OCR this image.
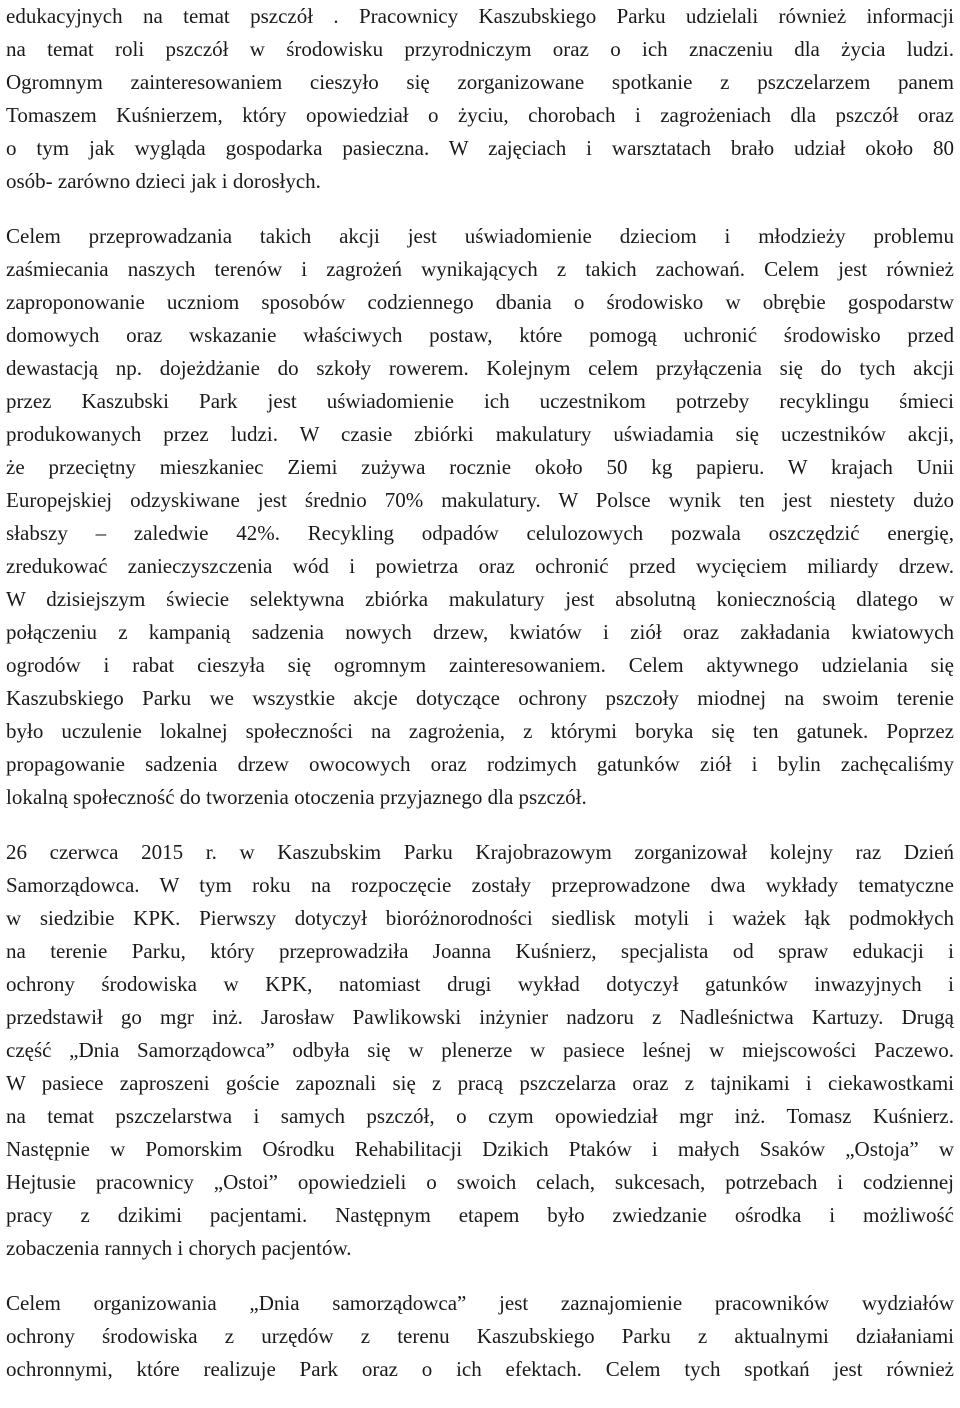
edukacyjnych na temat pszczół . Pracownicy Kaszubskiego Parku udzielali również informacji
na temat roli pszczół w środowisku przyrodniczym oraz o ich znaczeniu dla życia ludzi.
Ogromnym zainteresowaniem cieszyło się zorganizowane spotkanie z pszczelarzem panem
Tomaszem Kuśnierzem, który opowiedział o życiu, chorobach i zagrożeniach dla pszczół oraz
o tym jak wygląda gospodarka pasieczna. W zajęciach i warsztatach brało udział około 80
osób- zarówno dzieci jak i dorosłych.
Celem przeprowadzania takich akcji jest uświadomienie dzieciom i młodzieży problemu
zaśmiecania naszych terenów i zagrożeń wynikających z takich zachowań. Celem jest również
zaproponowanie uczniom sposobów codziennego dbania o środowisko w obrębie gospodarstw
domowych oraz wskazanie właściwych postaw, które pomogą uchronić środowisko przed
dewastacją np. dojeżdżanie do szkoły rowerem. Kolejnym celem przyłączenia się do tych akcji
przez Kaszubski Park jest uświadomienie ich uczestnikom potrzeby recyklingu śmieci
produkowanych przez ludzi. W czasie zbiórki makulatury uświadamia się uczestników akcji,
że przeciętny mieszkaniec Ziemi zużywa rocznie około 50 kg papieru. W krajach Unii
Europejskiej odzyskiwane jest średnio 70% makulatury. W Polsce wynik ten jest niestety dużo
słabszy – zaledwie 42%. Recykling odpadów celulozowych pozwala oszczędzić energię,
zredukować zanieczyszczenia wód i powietrza oraz ochronić przed wycięciem miliardy drzew.
W dzisiejszym świecie selektywna zbiórka makulatury jest absolutną koniecznością dlatego w
połączeniu z kampanią sadzenia nowych drzew, kwiatów i ziół oraz zakładania kwiatowych
ogrodów i rabat cieszyła się ogromnym zainteresowaniem. Celem aktywnego udzielania się
Kaszubskiego Parku we wszystkie akcje dotyczące ochrony pszczoły miodnej na swoim terenie
było uczulenie lokalnej społeczności na zagrożenia, z którymi boryka się ten gatunek. Poprzez
propagowanie sadzenia drzew owocowych oraz rodzimych gatunków ziół i bylin zachęcaliśmy
lokalną społeczność do tworzenia otoczenia przyjaznego dla pszczół.
26 czerwca 2015 r. w Kaszubskim Parku Krajobrazowym zorganizował kolejny raz Dzień
Samorządowca. W tym roku na rozpoczęcie zostały przeprowadzone dwa wykłady tematyczne
w siedzibie KPK. Pierwszy dotyczył bioróżnorodności siedlisk motyli i ważek łąk podmokłych
na terenie Parku, który przeprowadziła Joanna Kuśnierz, specjalista od spraw edukacji i
ochrony środowiska w KPK, natomiast drugi wykład dotyczył gatunków inwazyjnych i
przedstawił go mgr inż. Jarosław Pawlikowski inżynier nadzoru z Nadleśnictwa Kartuzy. Drugą
część „Dnia Samorządowca” odbyła się w plenerze w pasiece leśnej w miejscowości Paczewo.
W pasiece zaproszeni goście zapoznali się z pracą pszczelarza oraz z tajnikami i ciekawostkami
na temat pszczelarstwa i samych pszczół, o czym opowiedział mgr inż. Tomasz Kuśnierz.
Następnie w Pomorskim Ośrodku Rehabilitacji Dzikich Ptaków i małych Ssaków „Ostoja” w
Hejtusie pracownicy „Ostoi” opowiedzieli o swoich celach, sukcesach, potrzebach i codziennej
pracy z dzikimi pacjentami. Następnym etapem było zwiedzanie ośrodka i możliwość
zobaczenia rannych i chorych pacjentów.
Celem organizowania „Dnia samorządowca” jest zaznajomienie pracowników wydziałów
ochrony środowiska z urzędów z terenu Kaszubskiego Parku z aktualnymi działaniami
ochronnymi, które realizuje Park oraz o ich efektach. Celem tych spotkań jest również
